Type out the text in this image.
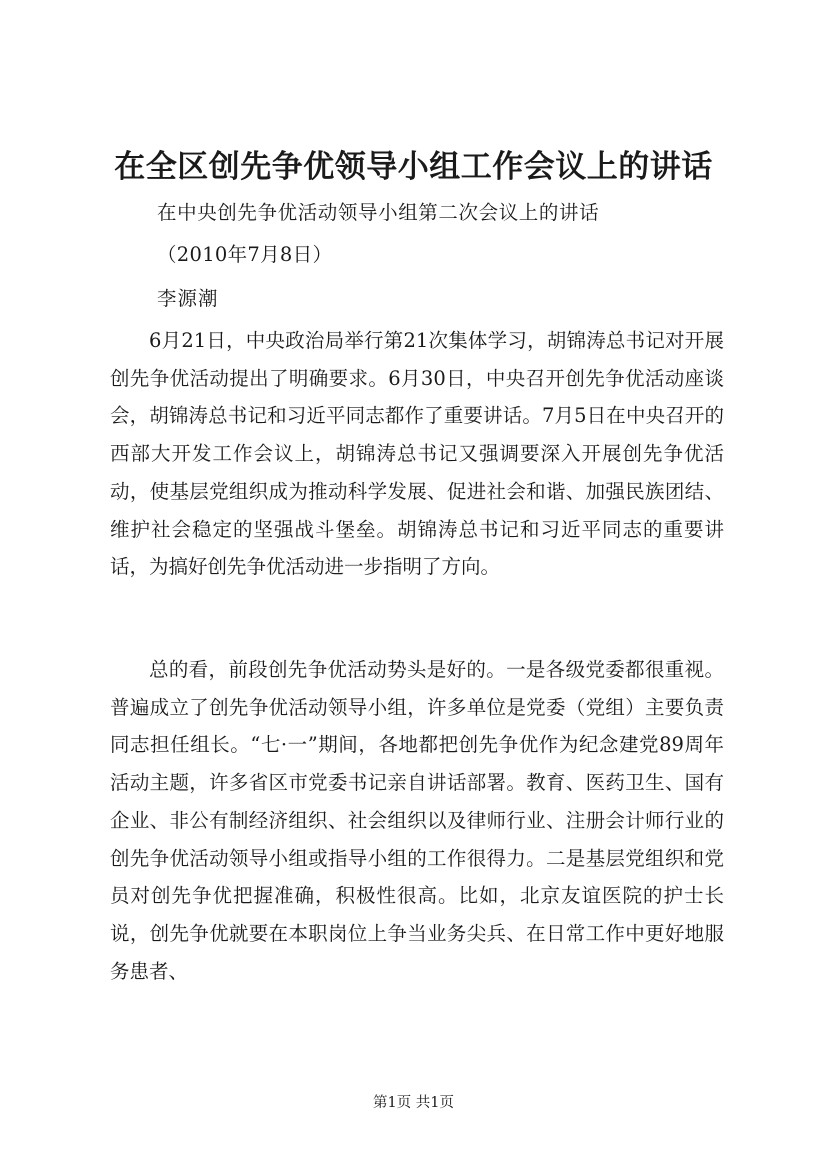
在全区创先争优领导小组工作会议上的讲话
在中央创先争优活动领导小组第二次会议上的讲话
（2010年7月8日）
李源潮

6月21日，中央政治局举行第21次集体学习，胡锦涛总书记对开展创先争优活动提出了明确要求。6月30日，中央召开创先争优活动座谈会，胡锦涛总书记和习近平同志都作了重要讲话。7月5日在中央召开的西部大开发工作会议上，胡锦涛总书记又强调要深入开展创先争优活动，使基层党组织成为推动科学发展、促进社会和谐、加强民族团结、维护社会稳定的坚强战斗堡垒。胡锦涛总书记和习近平同志的重要讲话，为搞好创先争优活动进一步指明了方向。

总的看，前段创先争优活动势头是好的。一是各级党委都很重视。普遍成立了创先争优活动领导小组，许多单位是党委（党组）主要负责同志担任组长。“七·一”期间，各地都把创先争优作为纪念建党89周年活动主题，许多省区市党委书记亲自讲话部署。教育、医药卫生、国有企业、非公有制经济组织、社会组织以及律师行业、注册会计师行业的创先争优活动领导小组或指导小组的工作很得力。二是基层党组织和党员对创先争优把握准确，积极性很高。比如，北京友谊医院的护士长说，创先争优就要在本职岗位上争当业务尖兵、在日常工作中更好地服务患者、

第1页 共1页
